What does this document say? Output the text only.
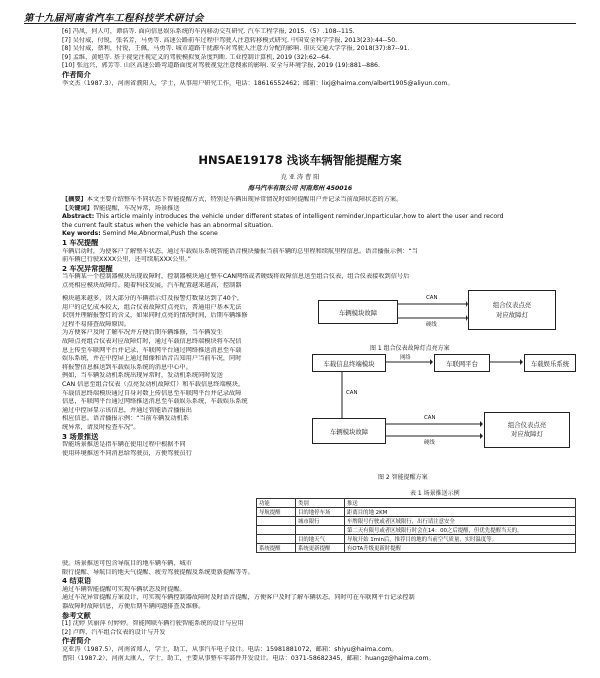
第十九届河南省汽车工程科技学术研讨会
[6] 冯凤，何人可，谭浩等. 面向信息娱乐系统的车内移动交互研究. 汽车工程学报, 2015.（5）.108--115.
[7] 吴付威，付锐，张名芳，马勇等. 高速公路前车过程中驾驶人注意转移模式研究. 中国安全科学学报, 2013(23):44--50.
[8] 吴付威，蔡利，付锐，王佩，马勇等. 城市道路干扰源车对驾驶人注意力分配的影响. 重庆交通大学学报, 2018(37):87--91.
[9] 孟维，黄旭等. 基于视觉注视定义的驾驶模拟复杂度判断. 工业控制计算机, 2019 (32):62--64.
[10] 张远兴，郭芳等. 山区高速公路弯道路面度对驾驶视觉注意搜索的影响. 安全与环境学报, 2019 (19):881--886.
作者简介
李文杰（1987.3），河南省濮阳人，学士，从事用户研究工作，电话：18616552462；邮箱：lixj@haima.com/albert1905@aliyun.com。
HNSAE19178 浅谈车辆智能提醒方案
克 亚 涛 曹 阳
海马汽车有限公司 河南郑州 450016
【摘要】本文主要介绍整车不同状态下智能提醒方式，特别是车辆出现异常情况时如何提醒用户并记录当前故障状态的方案。
【关键词】智能提醒，车况异常，场景推送
Abstract: This article mainly introduces the vehicle under different states of intelligent reminder,Inparticular,how to alert the user and record
the current fault status when the vehicle has an abnormal situation.
Key words: Semind Me,Abnormal,Push the scene
1 车况提醒
车辆启动时，为使客户了解整车状态，通过车载娱乐系统智能语音模块播报当前车辆的总里程和续航里程信息。语音播报示例：“当
前车辆已行驶XXXX公里，还可续航XXX公里。”
2 车况异常提醒
当车辆某一个控制器模块出现故障时，控制器模块通过整车CAN网络或者硬线将故障信息送至组合仪表，组合仪表接收到信号后
点亮相应模块故障灯。随着科技发展，汽车配置越来越高，控制器
模块越来越多，因大部分的车辆指示灯及报警灯数量达到了40个，
用户的记忆成本较大，组合仪表故障灯点亮后，普通用户基本无法
识别并理解报警灯的含义，如果同时点亮的情况时间，后期车辆维修
过程不易排查故障原因。
为方便客户及时了解车况并方便后期车辆维修，当车辆发生
故障点亮组合仪表对应故障灯时，通过车载信息终端模块将车况信
息上传至车联网平台并记录，车联网平台通过网络推送消息至车载
娱乐系统，并在中控屏上通过图像和语音告知用户当前车况，同时
将报警信息推送到车载娱乐系统的消息中心中。
例如，当车辆发动机系统出现异常时，发动机系统同时发送
CAN 信息至组合仪表（点亮发动机故障灯）和车载信息终端模块，
车载信息终端模块通过自身对数上传信息至车联网平台并记录故障
信息，车联网平台通过网络推送消息至车载娱乐系统，车载娱乐系统
通过中控屏显示该信息，并通过智能语音播报出
相应信息。语音播报示例：“当前车辆发动机系
统异常，请及时检查车况”。
3 场景推送
智能场景推送是指车辆在使用过程中根据不同
使用环境推送不同消息给驾驶员，方便驾驶员行
车辆模块故障
组合仪表点亮
对应故障灯
CAN
硬线
图 1 组合仪表故障灯点亮方案
车载信息终端模块	车联网平台	车载娱乐系统
车辆模块故障
组合仪表点亮
对应故障灯
CAN
网络
CAN
硬线
图 2 智能提醒方案
表 1 场景推送示例
功能	类别	推送
导航提醒	目的地停车场	距离目的地 2KM
	城市限行	车牌限号行驶或者区域限行，出行请注意安全
		第二天有限号或者区域限行时会在14：00之后提醒，但优先提醒当天的。
	目的地天气	导航开始 1min后，推荐目的地的当前空气质量，实时温度等。
系统提醒	系统更新提醒	有OTA升级更新时提醒
驶。场景推送可包含导航目的地车辆车辆、城市
限行提醒、导航目的地天气提醒、疲劳驾驶提醒及系统更新提醒等等。
4 结束语
通过车辆智能提醒可实现车辆状态及时提醒。
通过车况异常提醒方案设计，可实现车辆控制器故障时及时语音提醒，方便客户及时了解车辆状态。同时可在车联网平台记录控制
器故障时故障信息，方便后期车辆问题排查及维修。
参考文献
[1] 沈婷 贝丽萍 付婷婷。智能网联车辆行驶智能系统的设计与应用
[2] 卢辉，汽车组合仪表的设计与开发
作者简介
克亚涛（1987.5），河南省郑人，学士，助工，从事汽车电子设计。电话：15981881072，邮箱：shiyu@haima.com。
曹阳（1987.2），河南太康人，学士，助工，主要从事整车零部件开发设计。电话：0371-58682345，邮箱：huangz@haima.com。
